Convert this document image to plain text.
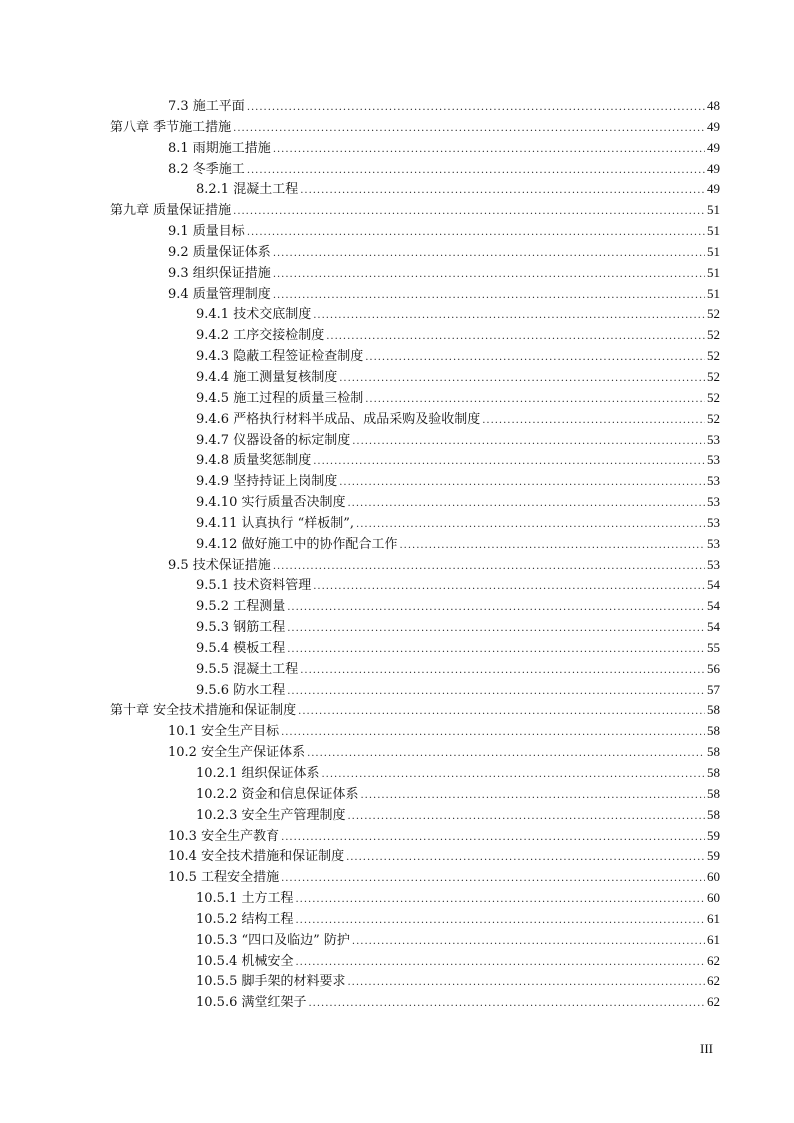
7.3 施工平面 .....	48
第八章 季节施工措施 .....	49
8.1 雨期施工措施 .....	49
8.2 冬季施工 .....	49
8.2.1 混凝土工程 .....	49
第九章 质量保证措施 .....	51
9.1 质量目标 .....	51
9.2 质量保证体系 .....	51
9.3 组织保证措施 .....	51
9.4 质量管理制度 .....	51
9.4.1 技术交底制度 .....	52
9.4.2 工序交接检制度 .....	52
9.4.3 隐蔽工程签证检查制度 .....	52
9.4.4 施工测量复核制度 .....	52
9.4.5 施工过程的质量三检制 .....	52
9.4.6 严格执行材料半成品、成品采购及验收制度 .....	52
9.4.7 仪器设备的标定制度 .....	53
9.4.8 质量奖惩制度 .....	53
9.4.9 坚持持证上岗制度 .....	53
9.4.10 实行质量否决制度 .....	53
9.4.11 认真执行 “样板制”, .....	53
9.4.12 做好施工中的协作配合工作 .....	53
9.5 技术保证措施 .....	53
9.5.1 技术资料管理 .....	54
9.5.2 工程测量 .....	54
9.5.3 钢筋工程 .....	54
9.5.4 模板工程 .....	55
9.5.5 混凝土工程 .....	56
9.5.6 防水工程 .....	57
第十章 安全技术措施和保证制度 .....	58
10.1 安全生产目标 .....	58
10.2 安全生产保证体系 .....	58
10.2.1 组织保证体系 .....	58
10.2.2 资金和信息保证体系 .....	58
10.2.3 安全生产管理制度 .....	58
10.3 安全生产教育 .....	59
10.4 安全技术措施和保证制度 .....	59
10.5 工程安全措施 .....	60
10.5.1 土方工程 .....	60
10.5.2 结构工程 .....	61
10.5.3 “四口及临边” 防护 .....	61
10.5.4 机械安全 .....	62
10.5.5 脚手架的材料要求 .....	62
10.5.6 满堂红架子 .....	62
III
